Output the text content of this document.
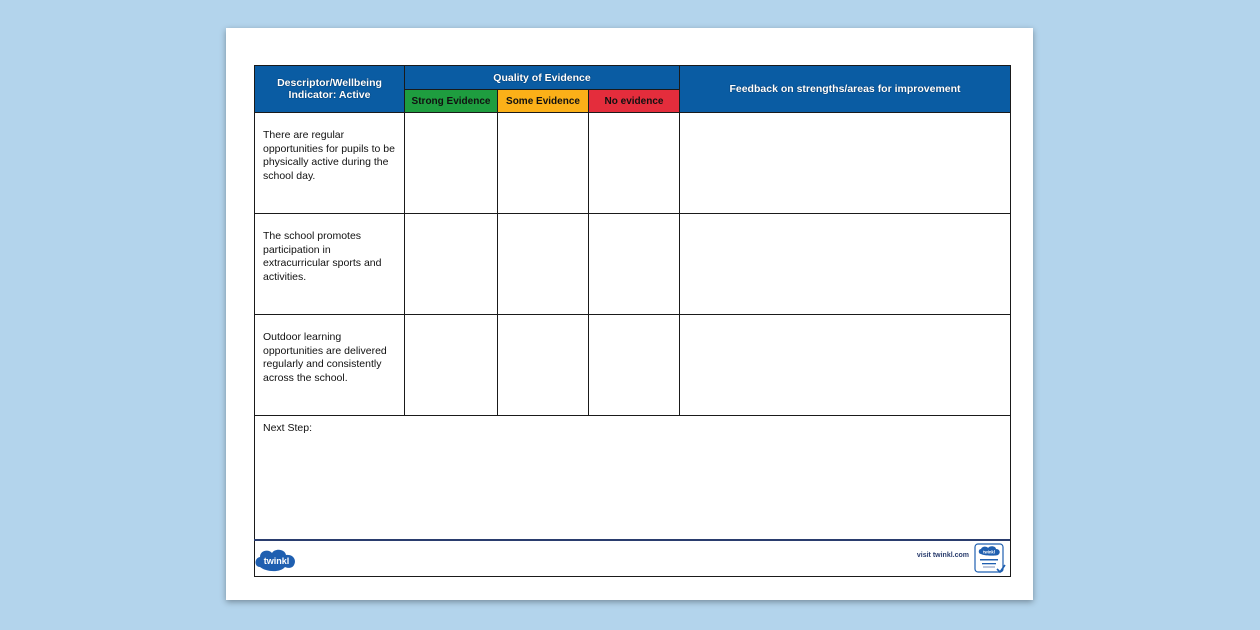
Descriptor/Wellbeing Indicator: Active	Quality of Evidence			Feedback on strengths/areas for improvement
	Strong Evidence	Some Evidence	No evidence	
There are regular opportunities for pupils to be physically active during the school day.				
The school promotes participation in extracurricular sports and activities.				
Outdoor learning opportunities are delivered regularly and consistently across the school.				
Next Step:				
twinkl
visit twinkl.com	twinkl
